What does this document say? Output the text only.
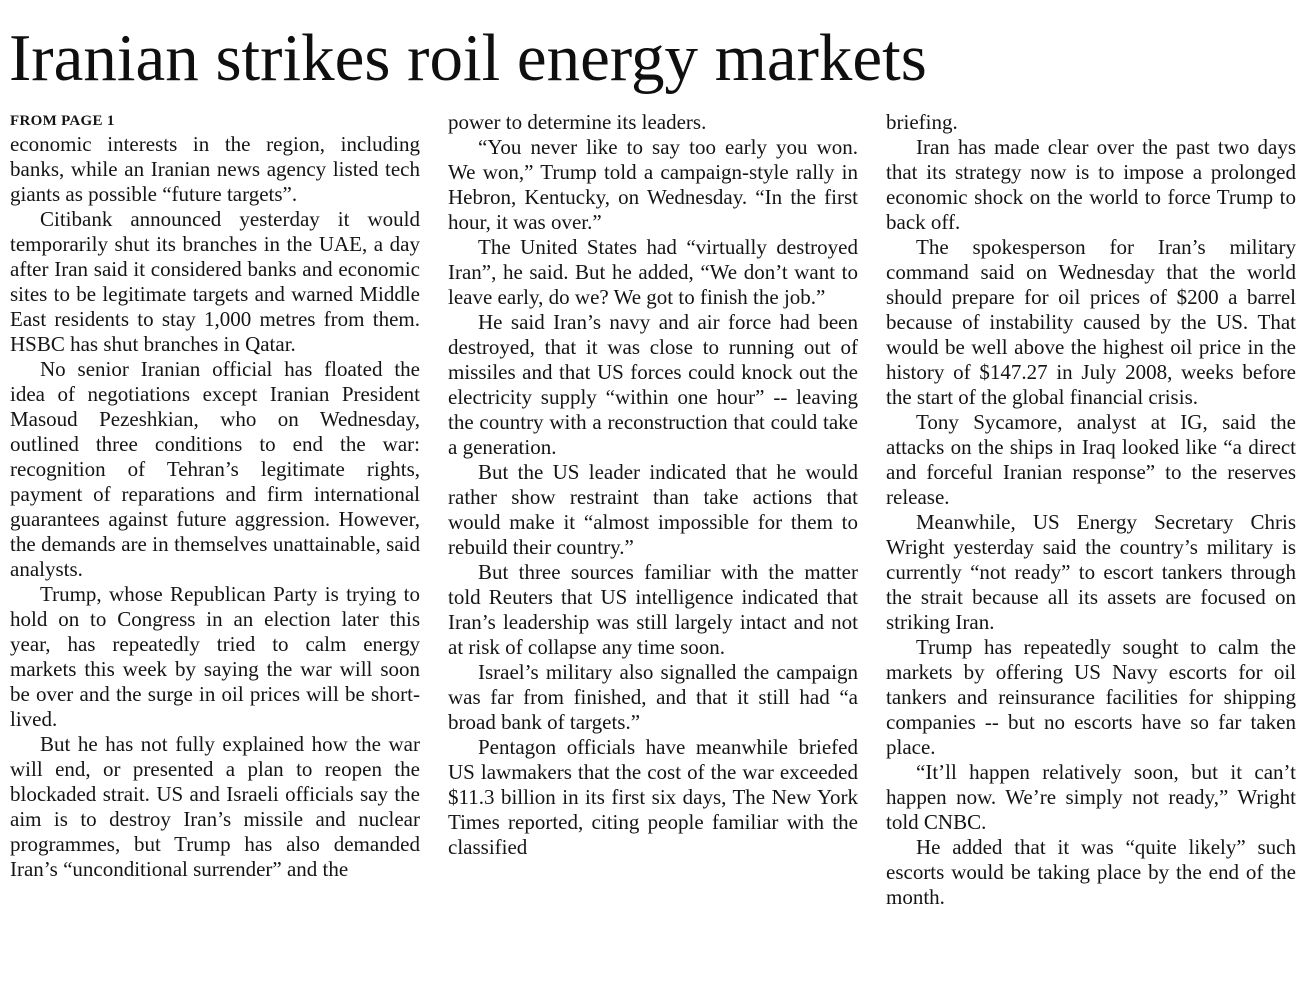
Iranian strikes roil energy markets
FROM PAGE 1

economic interests in the region, including banks, while an Iranian news agency listed tech giants as possible “future targets”.

Citibank announced yesterday it would temporarily shut its branches in the UAE, a day after Iran said it considered banks and economic sites to be legitimate targets and warned Middle East residents to stay 1,000 metres from them. HSBC has shut branches in Qatar.

No senior Iranian official has floated the idea of negotiations except Iranian President Masoud Pezeshkian, who on Wednesday, outlined three conditions to end the war: recognition of Tehran’s legitimate rights, payment of reparations and firm international guarantees against future aggression. However, the demands are in themselves unattainable, said analysts.

Trump, whose Republican Party is trying to hold on to Congress in an election later this year, has repeatedly tried to calm energy markets this week by saying the war will soon be over and the surge in oil prices will be short-lived.

But he has not fully explained how the war will end, or presented a plan to reopen the blockaded strait. US and Israeli officials say the aim is to destroy Iran’s missile and nuclear programmes, but Trump has also demanded Iran’s “unconditional surrender” and the

power to determine its leaders.

“You never like to say too early you won. We won,” Trump told a campaign-style rally in Hebron, Kentucky, on Wednesday. “In the first hour, it was over.”

The United States had “virtually destroyed Iran”, he said. But he added, “We don’t want to leave early, do we? We got to finish the job.”

He said Iran’s navy and air force had been destroyed, that it was close to running out of missiles and that US forces could knock out the electricity supply “within one hour” -- leaving the country with a reconstruction that could take a generation.

But the US leader indicated that he would rather show restraint than take actions that would make it “almost impossible for them to rebuild their country.”

But three sources familiar with the matter told Reuters that US intelligence indicated that Iran’s leadership was still largely intact and not at risk of collapse any time soon.

Israel’s military also signalled the campaign was far from finished, and that it still had “a broad bank of targets.”

Pentagon officials have meanwhile briefed US lawmakers that the cost of the war exceeded $11.3 billion in its first six days, The New York Times reported, citing people familiar with the classified

briefing.

Iran has made clear over the past two days that its strategy now is to impose a prolonged economic shock on the world to force Trump to back off.

The spokesperson for Iran’s military command said on Wednesday that the world should prepare for oil prices of $200 a barrel because of instability caused by the US. That would be well above the highest oil price in the history of $147.27 in July 2008, weeks before the start of the global financial crisis.

Tony Sycamore, analyst at IG, said the attacks on the ships in Iraq looked like “a direct and forceful Iranian response” to the reserves release.

Meanwhile, US Energy Secretary Chris Wright yesterday said the country’s military is currently “not ready” to escort tankers through the strait because all its assets are focused on striking Iran.

Trump has repeatedly sought to calm the markets by offering US Navy escorts for oil tankers and reinsurance facilities for shipping companies -- but no escorts have so far taken place.

“It’ll happen relatively soon, but it can’t happen now. We’re simply not ready,” Wright told CNBC.

He added that it was “quite likely” such escorts would be taking place by the end of the month.
